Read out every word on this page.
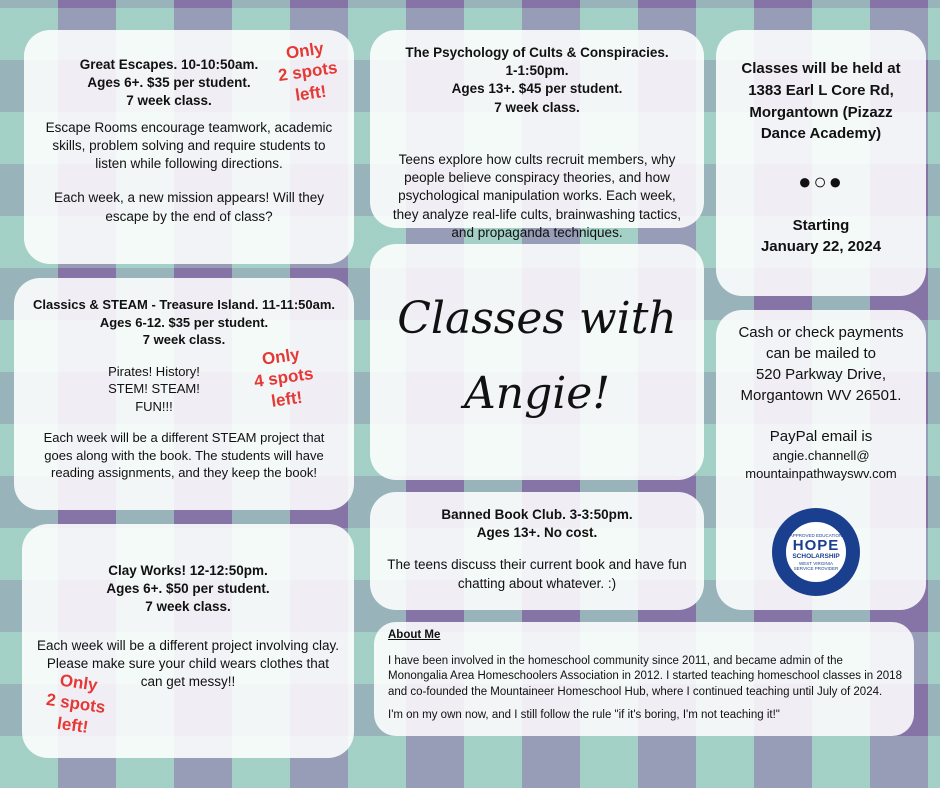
Great Escapes. 10-10:50am.
Ages 6+. $35 per student.
7 week class.
Escape Rooms encourage teamwork, academic skills, problem solving and require students to listen while following directions.
Each week, a new mission appears! Will they escape by the end of class?
Only
2 spots
left!
The Psychology of Cults & Conspiracies.
1-1:50pm.
Ages 13+. $45 per student.
7 week class.
Teens explore how cults recruit members, why people believe conspiracy theories, and how psychological manipulation works. Each week, they analyze real-life cults, brainwashing tactics, and propaganda techniques.
Classes will be held at 1383 Earl L Core Rd, Morgantown (Pizazz Dance Academy)
●○●
Starting
January 22, 2024
Classics & STEAM - Treasure Island. 11-11:50am.
Ages 6-12. $35 per student.
7 week class.
Pirates! History!
STEM! STEAM!
FUN!!!
Each week will be a different STEAM project that goes along with the book. The students will have reading assignments, and they keep the book!
Only
4 spots
left!
Classes with
Angie!
Cash or check payments can be mailed to
520 Parkway Drive, Morgantown WV 26501.
PayPal email is
angie.channell@
mountainpathwayswv.com
APPROVED EDUCATION
HOPE
SCHOLARSHIP
WEST VIRGINIA
SERVICE PROVIDER
Clay Works! 12-12:50pm.
Ages 6+. $50 per student.
7 week class.
Each week will be a different project involving clay. Please make sure your child wears clothes that can get messy!!
Only
2 spots
left!
Banned Book Club. 3-3:50pm.
Ages 13+. No cost.
The teens discuss their current book and have fun chatting about whatever. :)
About Me

I have been involved in the homeschool community since 2011, and became admin of the Monongalia Area Homeschoolers Association in 2012. I started teaching homeschool classes in 2018 and co-founded the Mountaineer Homeschool Hub, where I continued teaching until July of 2024.

I'm on my own now, and I still follow the rule "if it's boring, I'm not teaching it!"
